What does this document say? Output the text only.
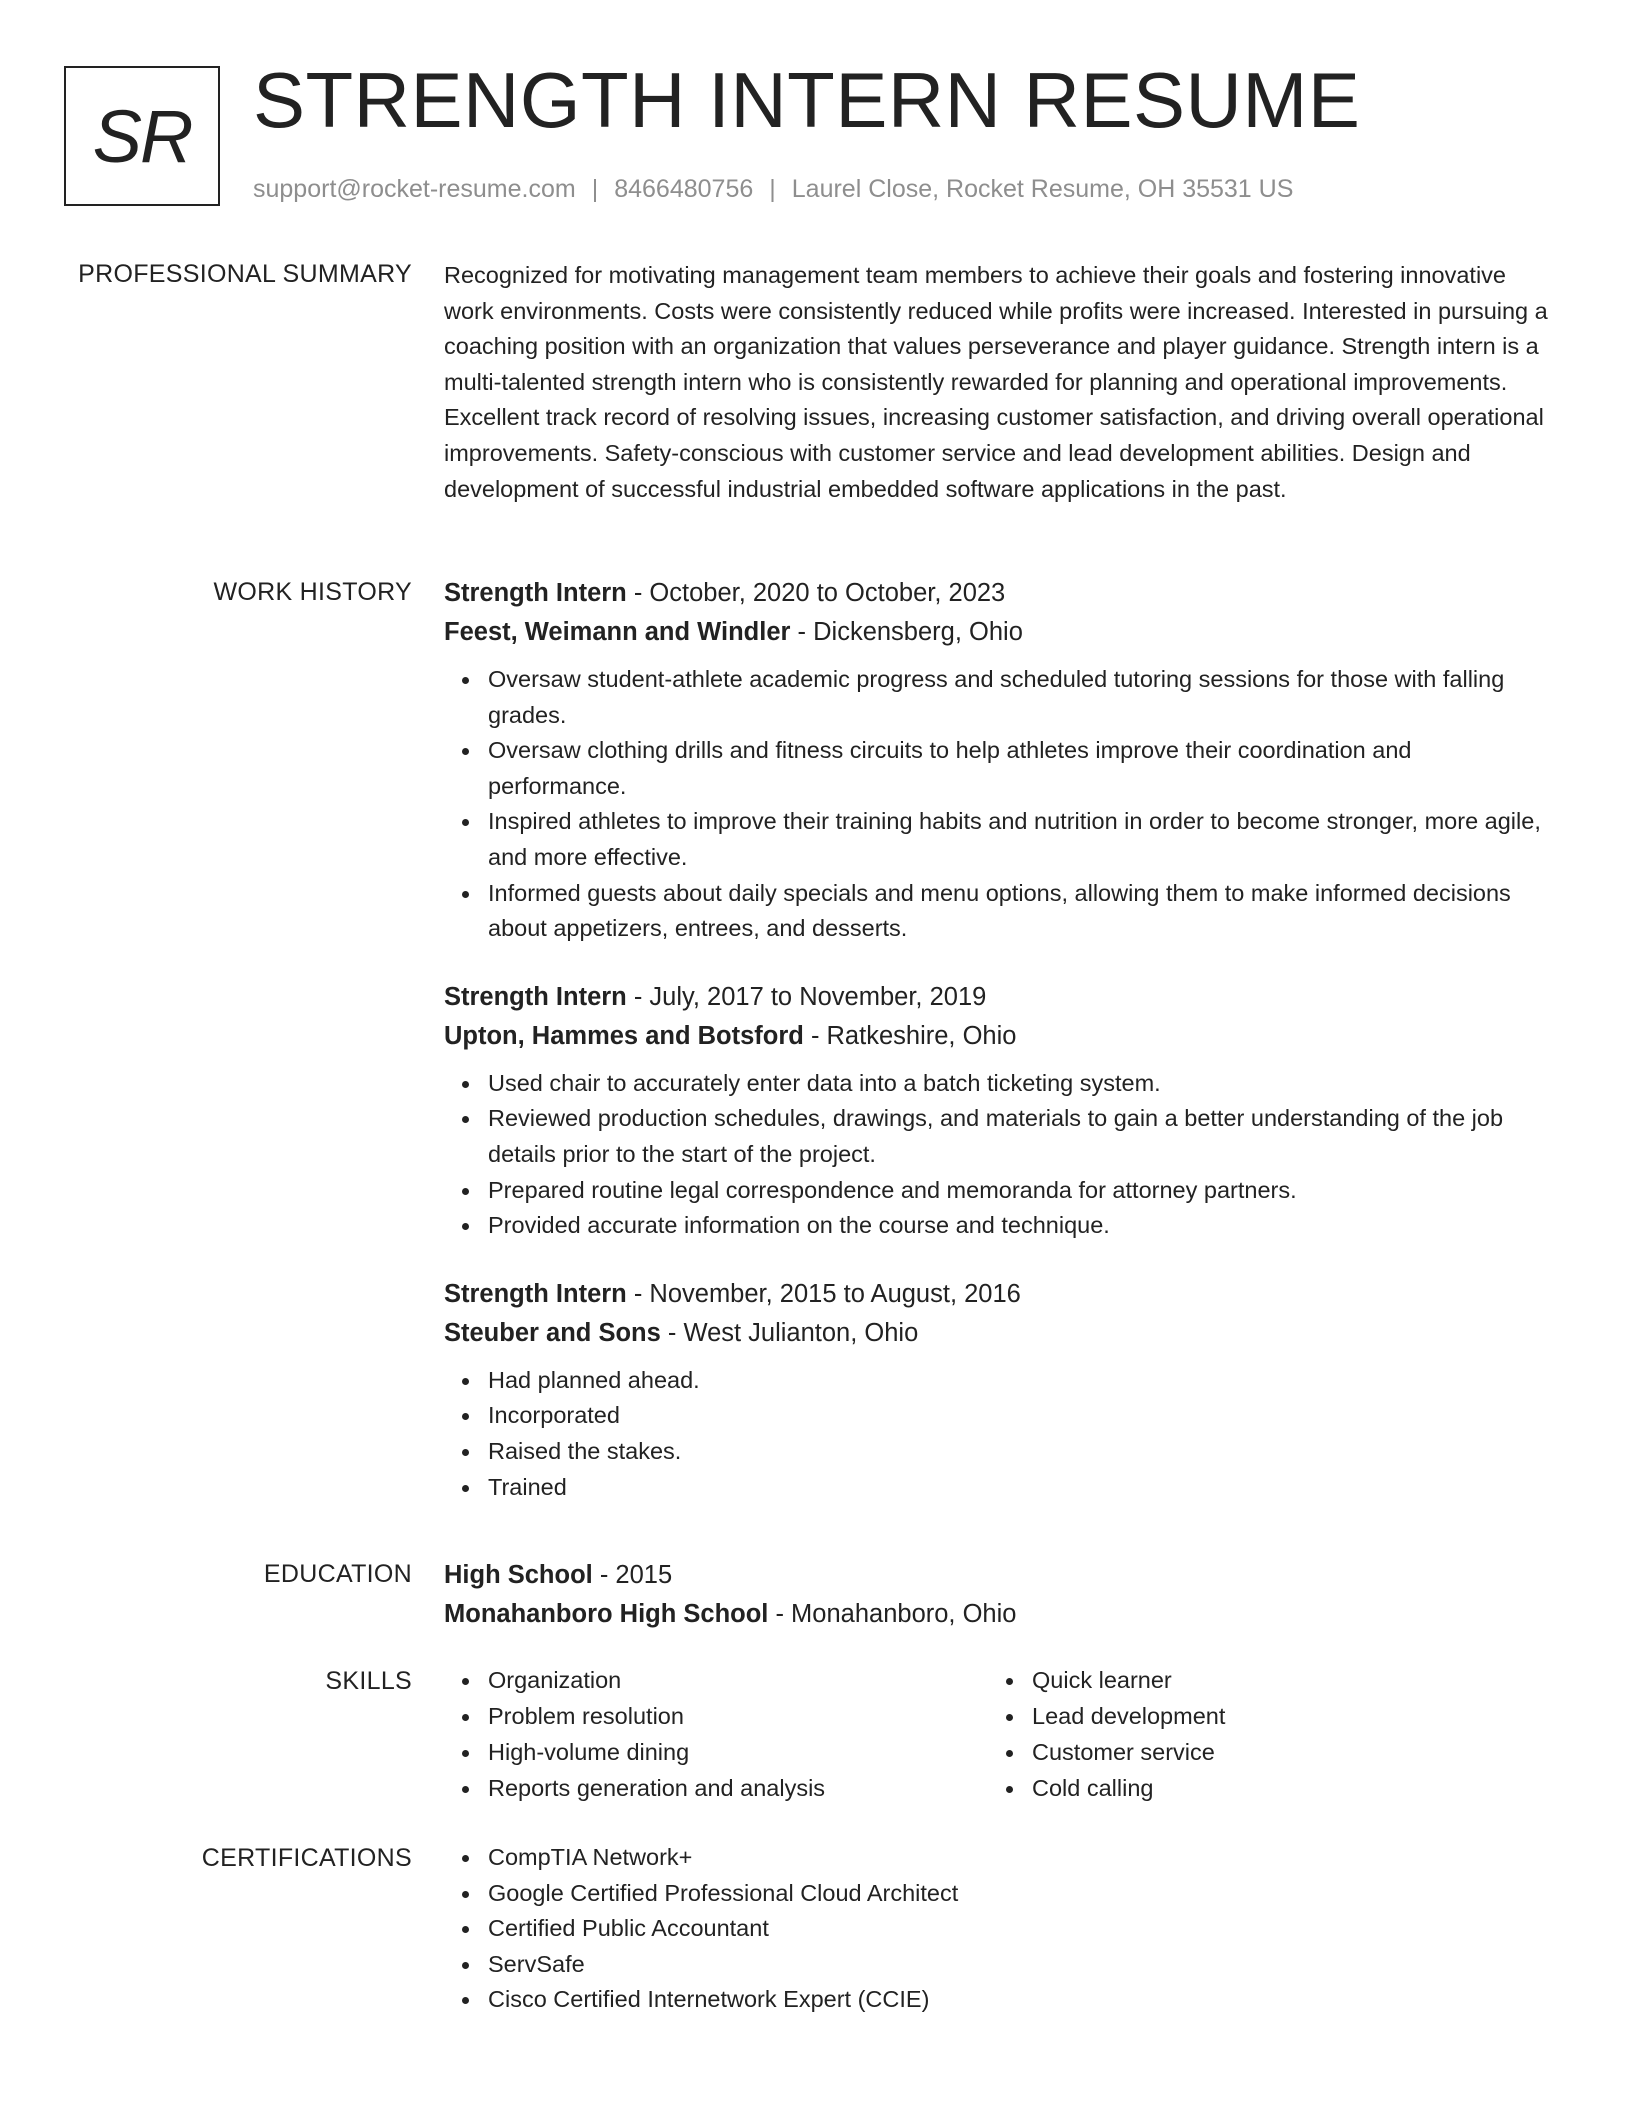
SR STRENGTH INTERN RESUME
support@rocket-resume.com | 8466480756 | Laurel Close, Rocket Resume, OH 35531 US
PROFESSIONAL SUMMARY Recognized for motivating management team members to achieve their goals and fostering innovative work environments. Costs were consistently reduced while profits were increased. Interested in pursuing a coaching position with an organization that values perseverance and player guidance. Strength intern is a multi-talented strength intern who is consistently rewarded for planning and operational improvements. Excellent track record of resolving issues, increasing customer satisfaction, and driving overall operational improvements. Safety-conscious with customer service and lead development abilities. Design and development of successful industrial embedded software applications in the past.

WORK HISTORY Strength Intern - October, 2020 to October, 2023
Feest, Weimann and Windler - Dickensberg, Ohio
Oversaw student-athlete academic progress and scheduled tutoring sessions for those with falling grades.
Oversaw clothing drills and fitness circuits to help athletes improve their coordination and performance.
Inspired athletes to improve their training habits and nutrition in order to become stronger, more agile, and more effective.
Informed guests about daily specials and menu options, allowing them to make informed decisions about appetizers, entrees, and desserts.
Strength Intern - July, 2017 to November, 2019
Upton, Hammes and Botsford - Ratkeshire, Ohio
Used chair to accurately enter data into a batch ticketing system.
Reviewed production schedules, drawings, and materials to gain a better understanding of the job details prior to the start of the project.
Prepared routine legal correspondence and memoranda for attorney partners.
Provided accurate information on the course and technique.
Strength Intern - November, 2015 to August, 2016
Steuber and Sons - West Julianton, Ohio
Had planned ahead.
Incorporated
Raised the stakes.
Trained
EDUCATION High School - 2015
Monahanboro High School - Monahanboro, Ohio
SKILLS	Organization
Problem resolution
High-volume dining
Reports generation and analysis
Quick learner
Lead development
Customer service
Cold calling
CERTIFICATIONS	CompTIA Network+
Google Certified Professional Cloud Architect
Certified Public Accountant
ServSafe
Cisco Certified Internetwork Expert (CCIE)
